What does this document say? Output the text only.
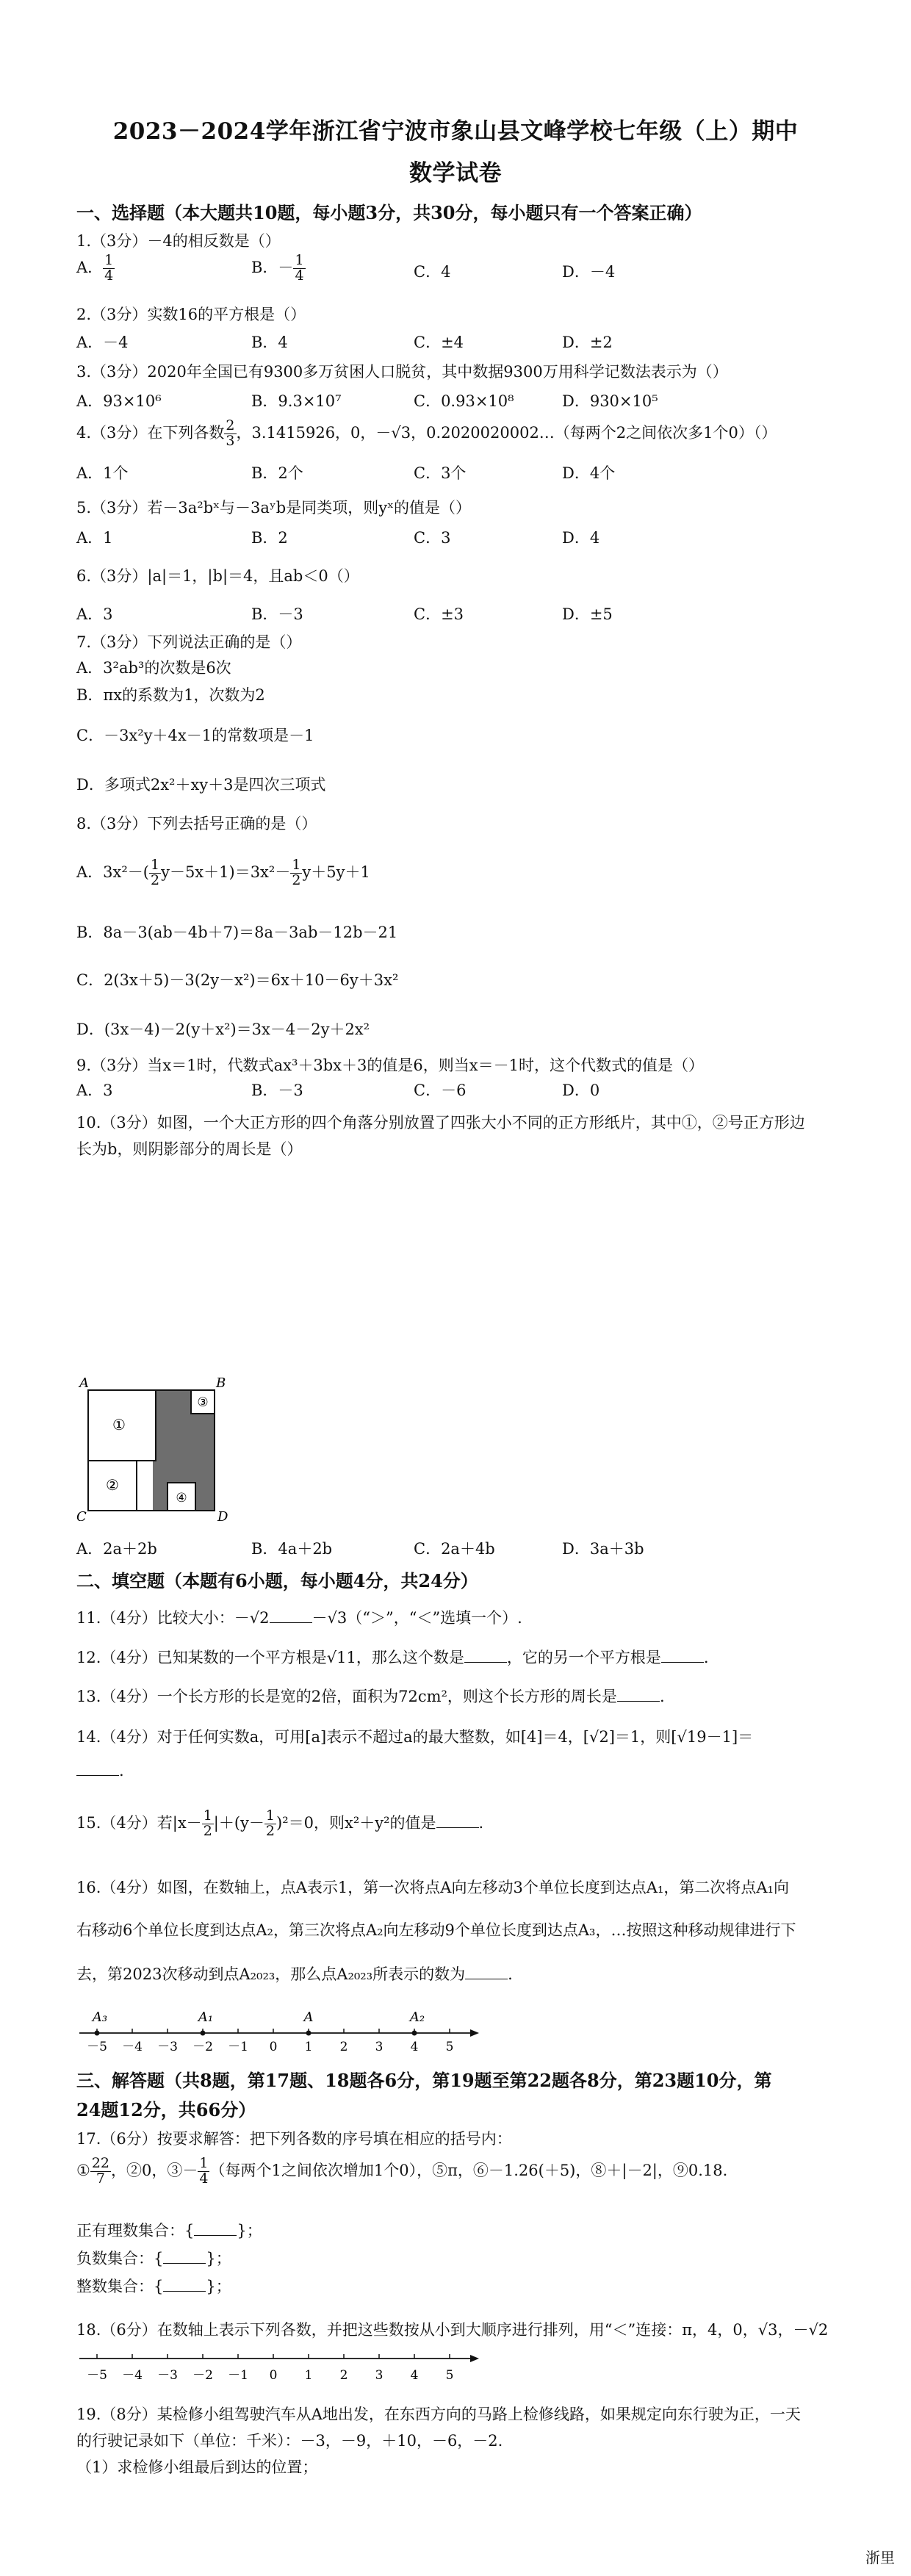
2023－2024学年浙江省宁波市象山县文峰学校七年级（上）期中
数学试卷
一、选择题（本大题共10题，每小题3分，共30分，每小题只有一个答案正确）
1.（3分）－4的相反数是（）
A． $\frac{1}{4}$	B．－ $\frac{1}{4}$	C．4	D．－4
2.（3分）实数16的平方根是（）
A．－4	B．4	C．±4	D．±2
3.（3分）2020年全国已有9300多万贫困人口脱贫，其中数据9300万用科学记数法表示为（）
A．93×10⁶	B．9.3×10⁷	C．0.93×10⁸	D．930×10⁵
4.（3分）在下列各数 $\frac{2}{3}$ ，3.1415926，0，－√3，0.2020020002…（每两个2之间依次多1个0）（）
A．1个	B．2个	C．3个	D．4个
5.（3分）若－3a²bˣ与－3aʸb是同类项，则yˣ的值是（）
A．1	B．2	C．3	D．4
6.（3分）|a|＝1，|b|＝4，且ab＜0（）
A．3	B．－3	C．±3	D．±5
7.（3分）下列说法正确的是（）
A．3²ab³的次数是6次
B．πx的系数为1，次数为2
C．－3x²y＋4x－1的常数项是－1
D．多项式2x²＋xy＋3是四次三项式
8.（3分）下列去括号正确的是（）
A．$3x^2-( \frac{1}{2} y-5x+1)=3x^2- \frac{1}{2} y+5y+1$
B．8a－3(ab－4b＋7)＝8a－3ab－12b－21
C．2(3x＋5)－3(2y－x²)＝6x＋10－6y＋3x²
D．(3x－4)－2(y＋x²)＝3x－4－2y＋2x²
9.（3分）当x＝1时，代数式ax³＋3bx＋3的值是6，则当x＝－1时，这个代数式的值是（）
A．3	B．－3	C．－6	D．0
10.（3分）如图，一个大正方形的四个角落分别放置了四张大小不同的正方形纸片，其中①，②号正方形边
长为b，则阴影部分的周长是（）
①
②
③
④
A	B
C	D
A．2a＋2b	B．4a＋2b	C．2a＋4b	D．3a＋3b
二、填空题（本题有6小题，每小题4分，共24分）
11.（4分）比较大小：－√2	－√3（“＞”，“＜”选填一个）.
12.（4分）已知某数的一个平方根是√11，那么这个数是	，它的另一个平方根是	.
13.（4分）一个长方形的长是宽的2倍，面积为72cm²，则这个长方形的周长是	.
14.（4分）对于任何实数a，可用[a]表示不超过a的最大整数，如[4]＝4，[√2]＝1，则[√19－1]＝
.
15.（4分）若$|x- \frac{1}{2} |+(y- \frac{1}{2} )^2=0$，则x²＋y²的值是	.
16.（4分）如图，在数轴上，点A表示1，第一次将点A向左移动3个单位长度到达点A₁，第二次将点A₁向
右移动6个单位长度到达点A₂，第三次将点A₂向左移动9个单位长度到达点A₃，…按照这种移动规律进行下
去，第2023次移动到点A₂₀₂₃，那么点A₂₀₂₃所表示的数为	.
－5 －4 －3 －2 －1 0 1 2 3 4 5
A₃	A₁	A	A₂
三、解答题（共8题，第17题、18题各6分，第19题至第22题各8分，第23题10分，第
24题12分，共66分）
17.（6分）按要求解答：把下列各数的序号填在相应的括号内：
① $\frac{22}{7}$ ，②0，③－ $\frac{1}{4}$ （每两个1之间依次增加1个0），⑤π，⑥－1.26(＋5)，⑧＋|－2|，⑨0.18.
正有理数集合：{	}；
负数集合：{	}；
整数集合：{	}；
18.（6分）在数轴上表示下列各数，并把这些数按从小到大顺序进行排列，用“＜”连接：π，4，0，√3，－√2
－5 －4 －3 －2 －1 0 1 2 3 4 5
19.（8分）某检修小组驾驶汽车从A地出发，在东西方向的马路上检修线路，如果规定向东行驶为正，一天
的行驶记录如下（单位：千米）：－3，－9，＋10，－6，－2.
（1）求检修小组最后到达的位置；
浙里
